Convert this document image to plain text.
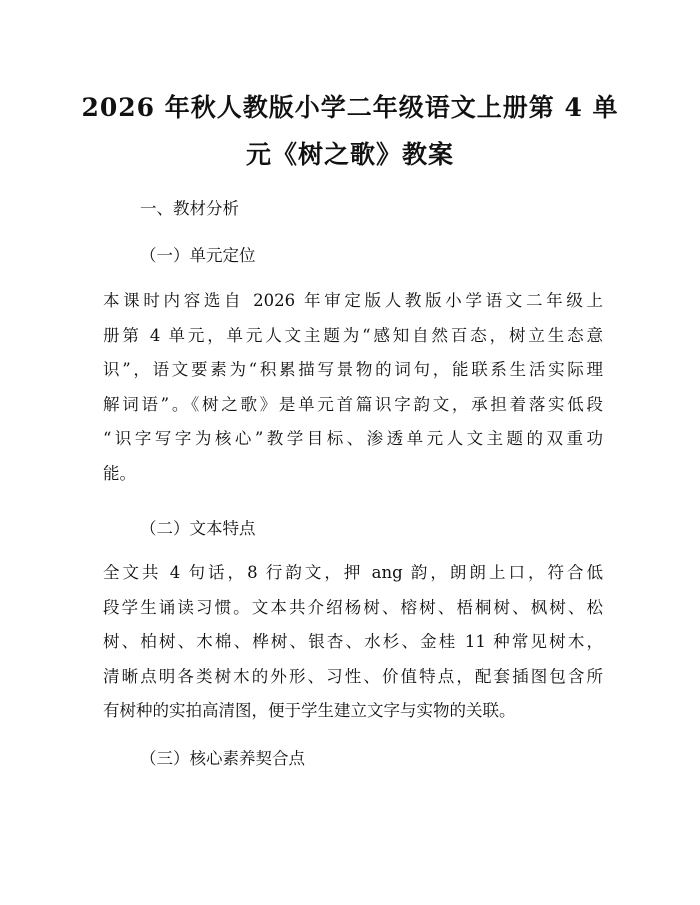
2026 年秋人教版小学二年级语文上册第 4 单
元《树之歌》教案

一、教材分析

（一）单元定位

本课时内容选自 2026 年审定版人教版小学语文二年级上
册第 4 单元，单元人文主题为“感知自然百态，树立生态意
识”，语文要素为“积累描写景物的词句，能联系生活实际理
解词语”。《树之歌》是单元首篇识字韵文，承担着落实低段
“识字写字为核心”教学目标、渗透单元人文主题的双重功
能。

（二）文本特点

全文共 4 句话，8 行韵文，押 ang 韵，朗朗上口，符合低
段学生诵读习惯。文本共介绍杨树、榕树、梧桐树、枫树、松
树、柏树、木棉、桦树、银杏、水杉、金桂 11 种常见树木，
清晰点明各类树木的外形、习性、价值特点，配套插图包含所
有树种的实拍高清图，便于学生建立文字与实物的关联。

（三）核心素养契合点
